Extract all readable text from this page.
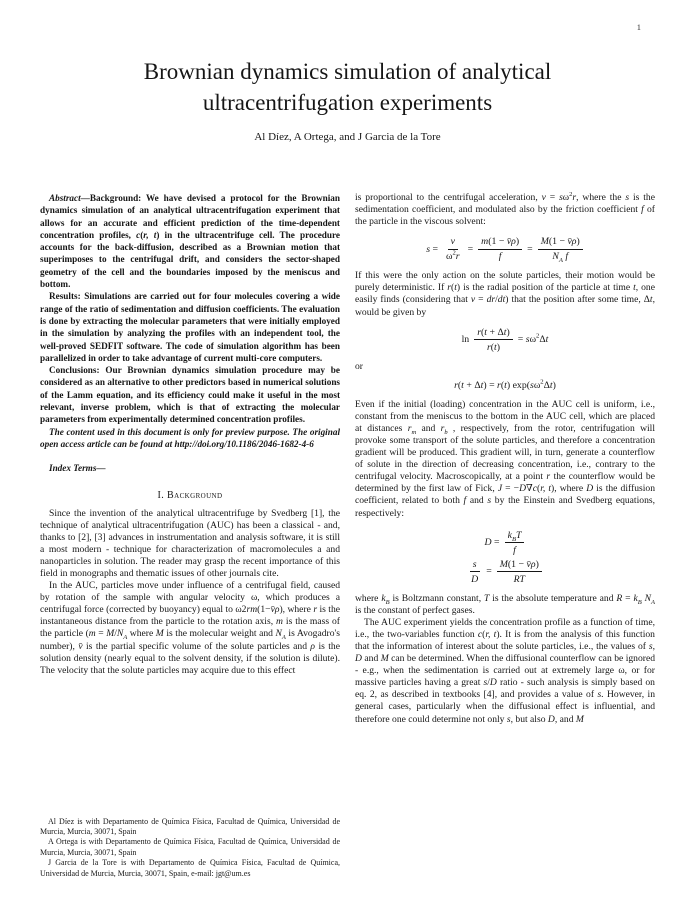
1
Brownian dynamics simulation of analytical ultracentrifugation experiments
Al Díez, A Ortega, and J Garcia de la Tore

Abstract—Background: We have devised a protocol for the Brownian dynamics simulation of an analytical ultracentrifugation experiment that allows for an accurate and efficient prediction of the time-dependent concentration profiles, c(r, t) in the ultracentrifuge cell. The procedure accounts for the back-diffusion, described as a Brownian motion that superimposes to the centrifugal drift, and considers the sector-shaped geometry of the cell and the boundaries imposed by the meniscus and bottom.

Results: Simulations are carried out for four molecules covering a wide range of the ratio of sedimentation and diffusion coefficients. The evaluation is done by extracting the molecular parameters that were initially employed in the simulation by analyzing the profiles with an independent tool, the well-proved SEDFIT software. The code of simulation algorithm has been parallelized in order to take advantage of current multi-core computers.

Conclusions: Our Brownian dynamics simulation procedure may be considered as an alternative to other predictors based in numerical solutions of the Lamm equation, and its efficiency could make it useful in the most relevant, inverse problem, which is that of extracting the molecular parameters from experimentally determined concentration profiles.

The content used in this document is only for preview purpose. The original open access article can be found at http://doi.org/10.1186/2046-1682-4-6

Index Terms—

I. Background

Since the invention of the analytical ultracentrifuge by Svedberg [1], the technique of analytical ultracentrifugation (AUC) has been a classical - and, thanks to [2], [3] advances in instrumentation and analysis software, it is still a most modern - technique for characterization of macromolecules a and nanoparticles in solution. The reader may grasp the recent importance of this field in monographs and thematic issues of other journals cite.

In the AUC, particles move under influence of a centrifugal field, caused by rotation of the sample with angular velocity ω, which produces a centrifugal force (corrected by buoyancy) equal to ω2rm(1−v̄ρ), where r is the instantaneous distance from the particle to the rotation axis, m is the mass of the particle ($m = M/N_A$ where M is the molecular weight and $N_A$ is Avogadro's number), v̄ is the partial specific volume of the solute particles and ρ is the solution density (nearly equal to the solvent density, if the solution is dilute). The velocity that the solute particles may acquire due to this effect

Al Díez is with Departamento de Química Física, Facultad de Química, Universidad de Murcia, Murcia, 30071, Spain

A Ortega is with Departamento de Química Física, Facultad de Química, Universidad de Murcia, Murcia, 30071, Spain

J Garcia de la Tore is with Departamento de Química Física, Facultad de Química, Universidad de Murcia, Murcia, 30071, Spain, e-mail: jgt@um.es

is proportional to the centrifugal acceleration, $v = s\omega^2r$, where the s is the sedimentation coefficient, and modulated also by the friction coefficient f of the particle in the viscous solvent:

$s = \frac{v}{\omega^2r} = \frac{m(1 - v̄\rho)}{f} = \frac{M(1 - v̄\rho)}{N_A f}$

If this were the only action on the solute particles, their motion would be purely deterministic. If r(t) is the radial position of the particle at time t, one easily finds (considering that v = dr/dt) that the position after some time, Δt, would be given by

$\ln \frac{r(t + \Delta t)}{r(t)} = s\omega^2\Delta t$

or

r(t + Δt) = r(t) $\exp(s\omega^2\Delta t)$

Even if the initial (loading) concentration in the AUC cell is uniform, i.e., constant from the meniscus to the bottom in the AUC cell, which are placed at distances $r_m$ and $r_b$ , respectively, from the rotor, centrifugation will provoke some transport of the solute particles, and therefore a concentration gradient will be produced. This gradient will, in turn, generate a counterflow of solute in the direction of decreasing concentration, i.e., contrary to the centrifugal velocity. Macroscopically, at a point r the counterflow would be determined by the first law of Fick, J = −D∇c(r, t), where D is the diffusion coefficient, related to both f and s by the Einstein and Svedberg equations, respectively:

$D = \frac{k_BT}{f}$
$\frac{s}{D} = \frac{M(1 - v̄\rho)}{RT}$

where $k_B$ is Boltzmann constant, T is the absolute temperature and $R = k_B$ $N_A$ is the constant of perfect gases.

The AUC experiment yields the concentration profile as a function of time, i.e., the two-variables function c(r, t). It is from the analysis of this function that the information of interest about the solute particles, i.e., the values of s, D and M can be determined. When the diffusional counterflow can be ignored - e.g., when the sedimentation is carried out at extremely large ω, or for massive particles having a great s/D ratio - such analysis is simply based on eq. 2, as described in textbooks [4], and provides a value of s. However, in general cases, particularly when the diffusional effect is influential, and therefore one could determine not only s, but also D, and M
